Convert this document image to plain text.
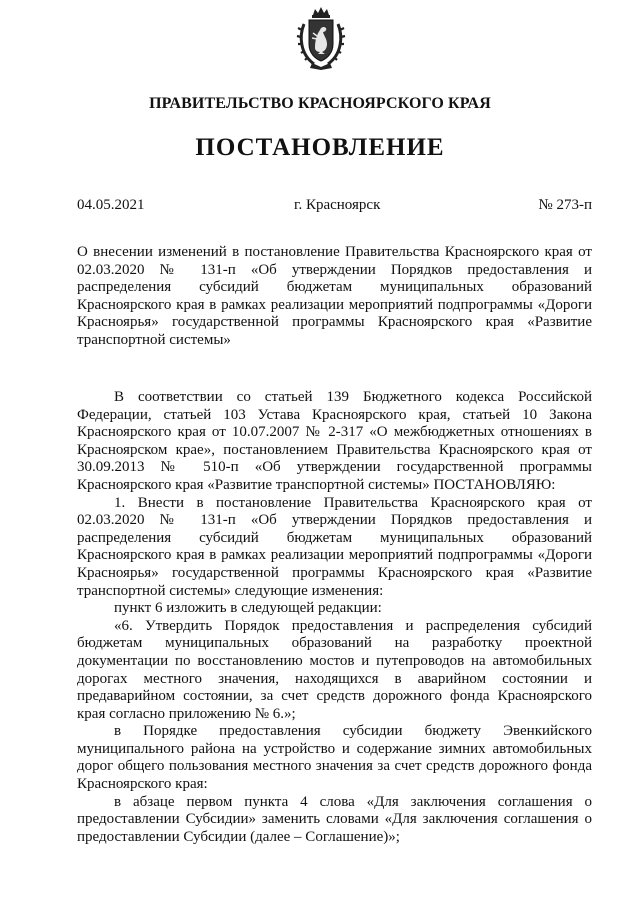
ПРАВИТЕЛЬСТВО КРАСНОЯРСКОГО КРАЯ
ПОСТАНОВЛЕНИЕ
04.05.2021	г. Красноярск	№ 273-п

О внесении изменений в постановление Правительства Красноярского края от 02.03.2020 № 131-п «Об утверждении Порядков предоставления и распределения субсидий бюджетам муниципальных образований Красноярского края в рамках реализации мероприятий подпрограммы «Дороги Красноярья» государственной программы Красноярского края «Развитие транспортной системы»

В соответствии со статьей 139 Бюджетного кодекса Российской Федерации, статьей 103 Устава Красноярского края, статьей 10 Закона Красноярского края от 10.07.2007 № 2-317 «О межбюджетных отношениях в Красноярском крае», постановлением Правительства Красноярского края от 30.09.2013 № 510-п «Об утверждении государственной программы Красноярского края «Развитие транспортной системы» ПОСТАНОВЛЯЮ:

1. Внести в постановление Правительства Красноярского края от 02.03.2020 № 131-п «Об утверждении Порядков предоставления и распределения субсидий бюджетам муниципальных образований Красноярского края в рамках реализации мероприятий подпрограммы «Дороги Красноярья» государственной программы Красноярского края «Развитие транспортной системы» следующие изменения:

пункт 6 изложить в следующей редакции:

«6. Утвердить Порядок предоставления и распределения субсидий бюджетам муниципальных образований на разработку проектной документации по восстановлению мостов и путепроводов на автомобильных дорогах местного значения, находящихся в аварийном состоянии и предаварийном состоянии, за счет средств дорожного фонда Красноярского края согласно приложению № 6.»;

в Порядке предоставления субсидии бюджету Эвенкийского муниципального района на устройство и содержание зимних автомобильных дорог общего пользования местного значения за счет средств дорожного фонда Красноярского края:

в абзаце первом пункта 4 слова «Для заключения соглашения о предоставлении Субсидии» заменить словами «Для заключения соглашения о предоставлении Субсидии (далее – Соглашение)»;
